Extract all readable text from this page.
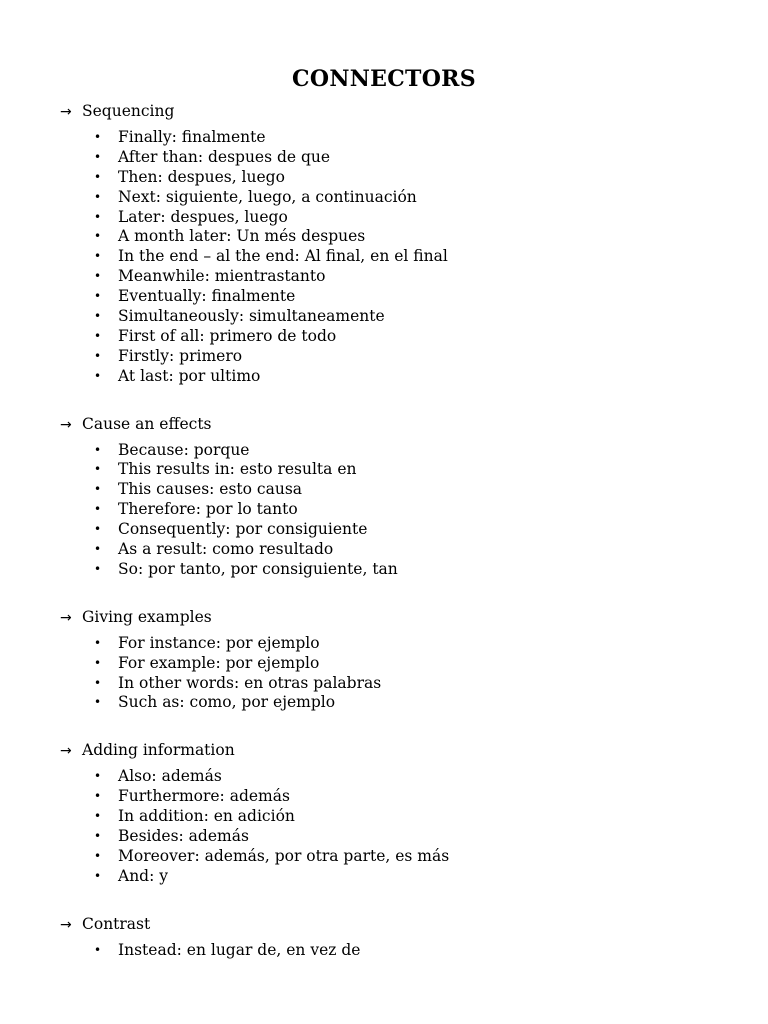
CONNECTORS
→ Sequencing
• Finally: finalmente
• After than: despues de que
• Then: despues, luego
• Next: siguiente, luego, a continuación
• Later: despues, luego
• A month later: Un més despues
• In the end – al the end: Al final, en el final
• Meanwhile: mientrastanto
• Eventually: finalmente
• Simultaneously: simultaneamente
• First of all: primero de todo
• Firstly: primero
• At last: por ultimo
→ Cause an effects
• Because: porque
• This results in: esto resulta en
• This causes: esto causa
• Therefore: por lo tanto
• Consequently: por consiguiente
• As a result: como resultado
• So: por tanto, por consiguiente, tan
→ Giving examples
• For instance: por ejemplo
• For example: por ejemplo
• In other words: en otras palabras
• Such as: como, por ejemplo
→ Adding information
• Also: además
• Furthermore: además
• In addition: en adición
• Besides: además
• Moreover: además, por otra parte, es más
• And: y
→ Contrast
• Instead: en lugar de, en vez de
